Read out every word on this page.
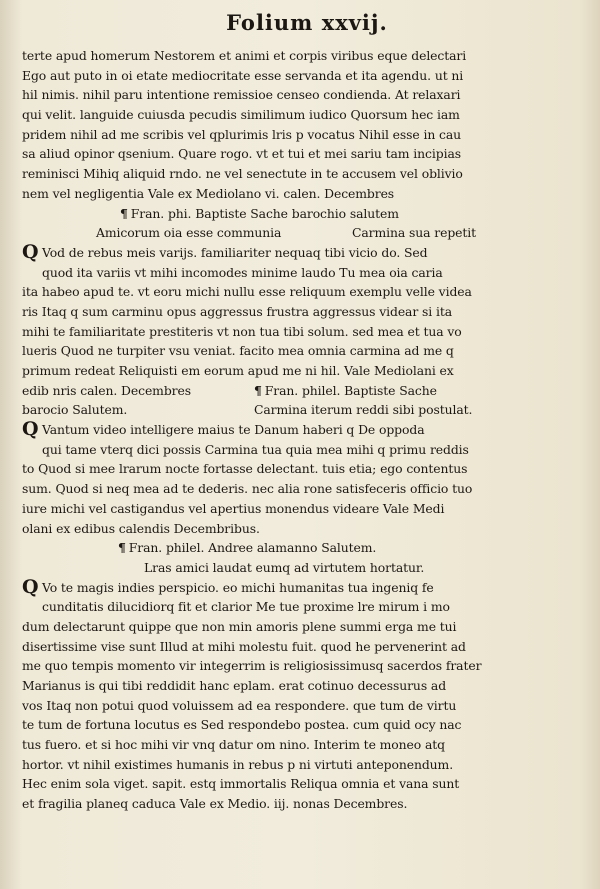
Folium xxvij.
terte apud homerum Nestorem et animi et corpis viribus eque delectari
Ego aut puto in oi etate mediocritate esse servanda et ita agendu. ut ni
hil nimis. nihil paru intentione remissioe censeo condienda. At relaxari
qui velit. languide cuiusda pecudis similimum iudico Quorsum hec iam
pridem nihil ad me scribis vel qplurimis lris p vocatus Nihil esse in cau
sa aliud opinor qsenium. Quare rogo. vt et tui et mei sariu tam incipias
reminisci Mihiq aliquid rndo. ne vel senectute in te accusem vel oblivio
nem vel negligentia Vale ex Mediolano vi. calen. Decembres
¶ Fran. phi. Baptiste Sache barochio salutem
Amicorum oia esse communia	Carmina sua repetit
Q Vod de rebus meis varijs. familiariter nequaq tibi vicio do. Sed
quod ita variis vt mihi incomodes minime laudo Tu mea oia caria
ita habeo apud te. vt eoru michi nullu esse reliquum exemplu velle videa
ris Itaq q sum carminu opus aggressus frustra aggressus videar si ita
mihi te familiaritate prestiteris vt non tua tibi solum. sed mea et tua vo
lueris Quod ne turpiter vsu veniat. facito mea omnia carmina ad me q
primum redeat Reliquisti em eorum apud me ni hil. Vale Mediolani ex
edib nris calen. Decembres	¶ Fran. philel. Baptiste Sache
barocio Salutem.	Carmina iterum reddi sibi postulat.
Q Vantum video intelligere maius te Danum haberi q De oppoda
qui tame vterq dici possis Carmina tua quia mea mihi q primu reddis
to Quod si mee lrarum nocte fortasse delectant. tuis etia; ego contentus
sum. Quod si neq mea ad te dederis. nec alia rone satisfeceris officio tuo
iure michi vel castigandus vel apertius monendus videare Vale Medi
olani ex edibus calendis Decembribus.
¶ Fran. philel. Andree alamanno Salutem.
Lras amici laudat eumq ad virtutem hortatur.
Q Vo te magis indies perspicio. eo michi humanitas tua ingeniq fe
cunditatis dilucidiorq fit et clarior Me tue proxime lre mirum i mo
dum delectarunt quippe que non min amoris plene summi erga me tui
disertissime vise sunt Illud at mihi molestu fuit. quod he pervenerint ad
me quo tempis momento vir integerrim is religiosissimusq sacerdos frater
Marianus is qui tibi reddidit hanc eplam. erat cotinuo decessurus ad
vos Itaq non potui quod voluissem ad ea respondere. que tum de virtu
te tum de fortuna locutus es Sed respondebo postea. cum quid ocy nac
tus fuero. et si hoc mihi vir vnq datur om nino. Interim te moneo atq
hortor. vt nihil existimes humanis in rebus p ni virtuti anteponendum.
Hec enim sola viget. sapit. estq immortalis Reliqua omnia et vana sunt
et fragilia planeq caduca Vale ex Medio. iij. nonas Decembres.
